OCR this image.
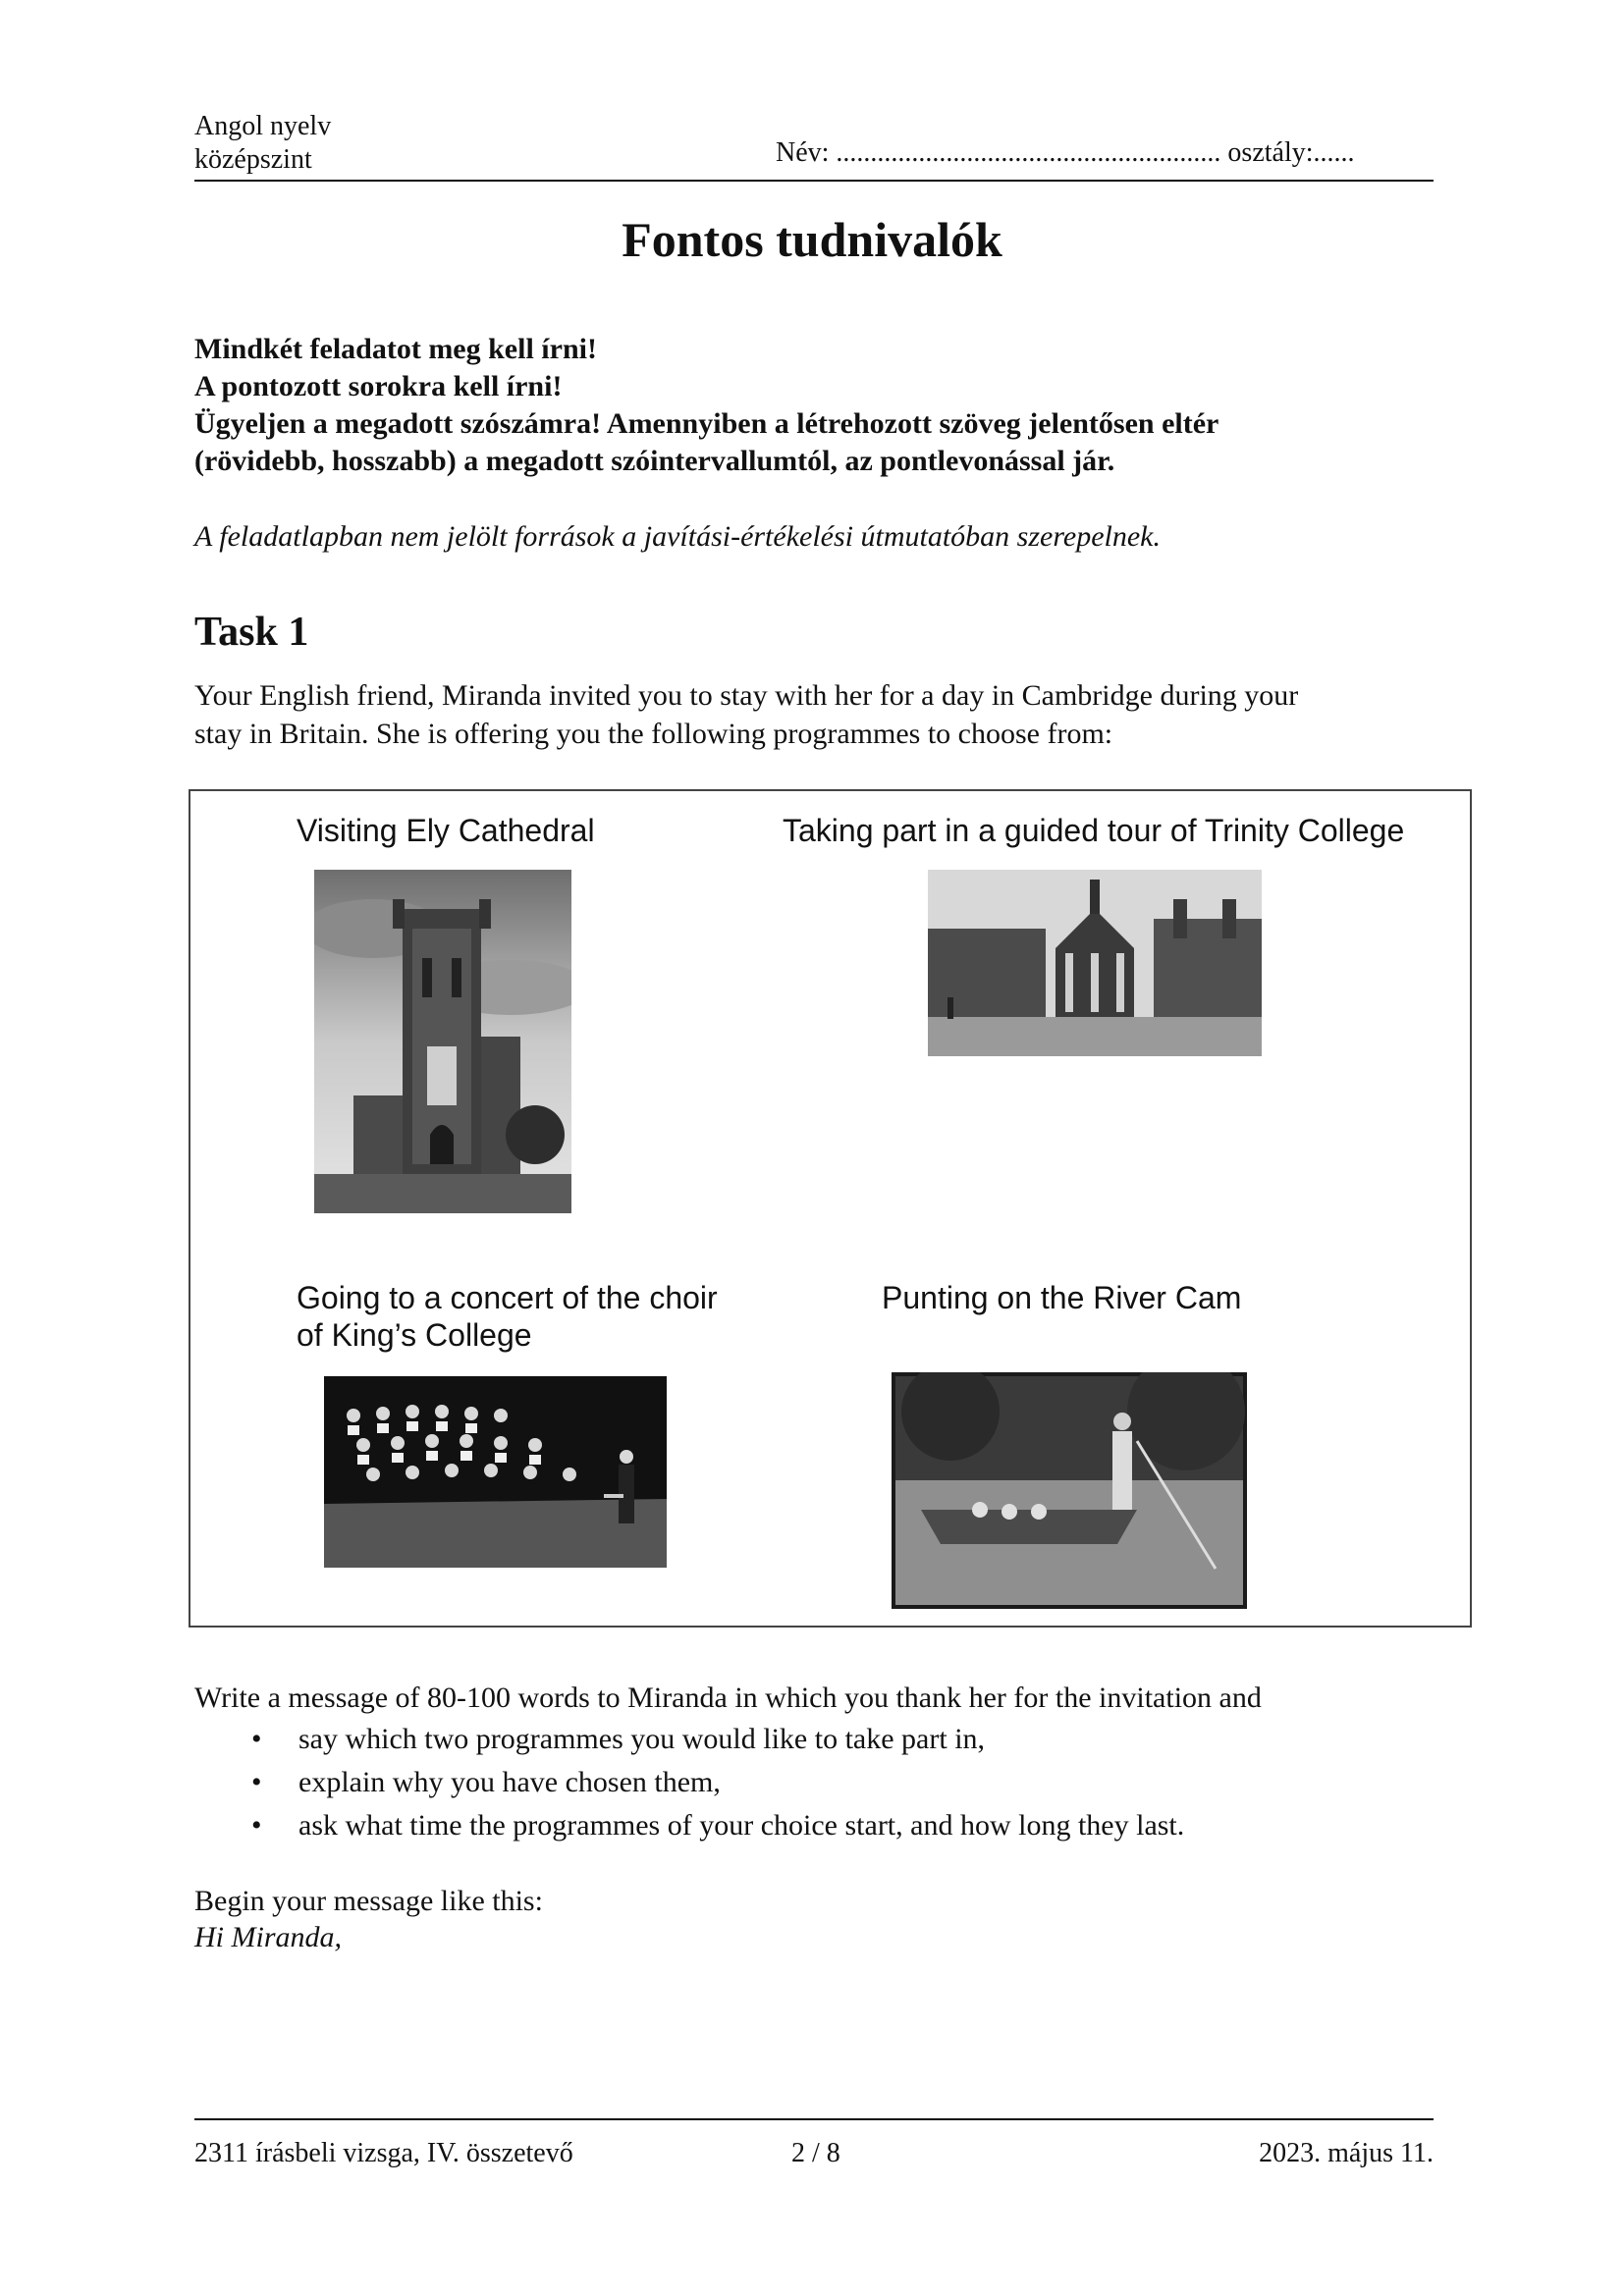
Angol nyelv
középszint	Név: ........................................................ osztály:......
Fontos tudnivalók
Mindkét feladatot meg kell írni!
A pontozott sorokra kell írni!
Ügyeljen a megadott szószámra! Amennyiben a létrehozott szöveg jelentősen eltér
(rövidebb, hosszabb) a megadott szóintervallumtól, az pontlevonással jár.
A feladatlapban nem jelölt források a javítási-értékelési útmutatóban szerepelnek.
Task 1
Your English friend, Miranda invited you to stay with her for a day in Cambridge during your
stay in Britain. She is offering you the following programmes to choose from:
Visiting Ely Cathedral	Taking part in a guided tour of Trinity College
Going to a concert of the choir
of King’s College
Punting on the River Cam
Write a message of 80-100 words to Miranda in which you thank her for the invitation and
• say which two programmes you would like to take part in,
• explain why you have chosen them,
• ask what time the programmes of your choice start, and how long they last.
Begin your message like this:
Hi Miranda,
2311 írásbeli vizsga, IV. összetevő	2 / 8	2023. május 11.
